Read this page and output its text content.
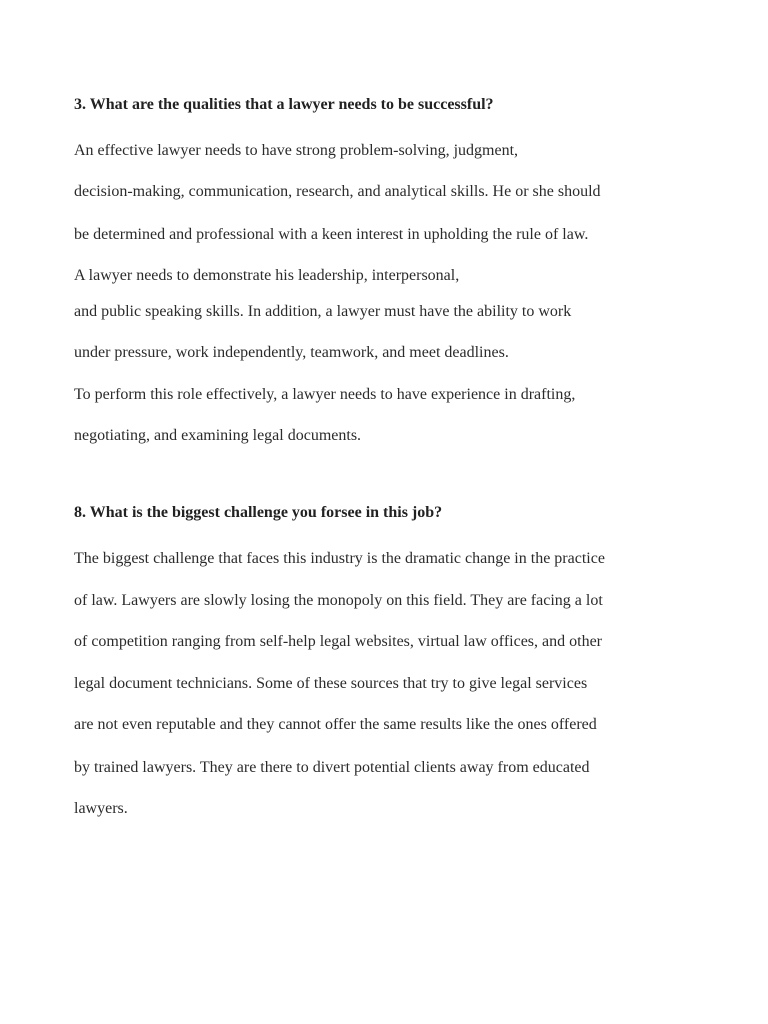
3. What are the qualities that a lawyer needs to be successful?

An effective lawyer needs to have strong problem-solving, judgment,

decision-making, communication, research, and analytical skills. He or she should

be determined and professional with a keen interest in upholding the rule of law.

A lawyer needs to demonstrate his leadership, interpersonal,

and public speaking skills. In addition, a lawyer must have the ability to work

under pressure, work independently, teamwork, and meet deadlines.

To perform this role effectively, a lawyer needs to have experience in drafting,

negotiating, and examining legal documents.

8. What is the biggest challenge you forsee in this job?

The biggest challenge that faces this industry is the dramatic change in the practice

of law. Lawyers are slowly losing the monopoly on this field. They are facing a lot

of competition ranging from self-help legal websites, virtual law offices, and other

legal document technicians. Some of these sources that try to give legal services

are not even reputable and they cannot offer the same results like the ones offered

by trained lawyers. They are there to divert potential clients away from educated

lawyers.
